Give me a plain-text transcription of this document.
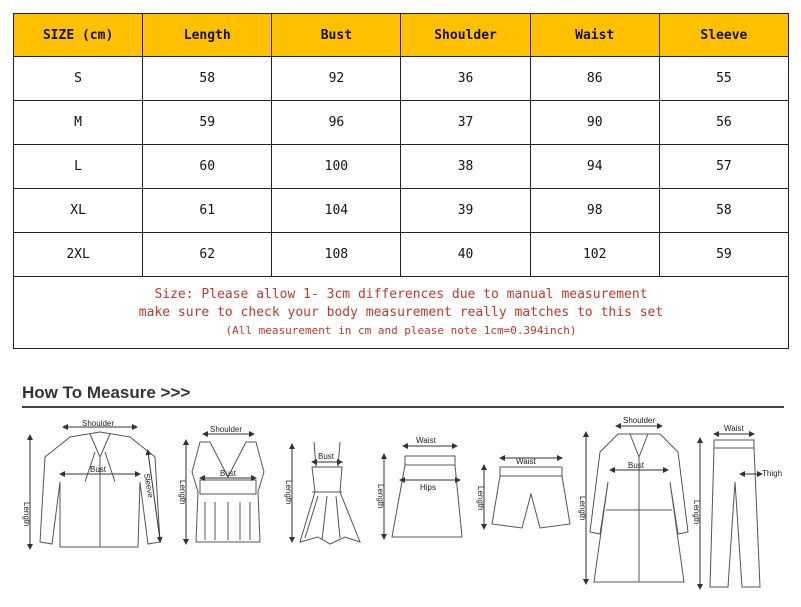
SIZE (cm)	Length	Bust	Shoulder	Waist	Sleeve
S	58	92	36	86	55
M	59	96	37	90	56
L	60	100	38	94	57
XL	61	104	39	98	58
2XL	62	108	40	102	59

Size: Please allow 1- 3cm differences due to manual measurement
make sure to check your body measurement really matches to this set
(All measurement in cm and please note 1cm=0.394inch)					
How To Measure >>>
Shoulder
Bust
Length
Sleeve
Shoulder
Bust
Length
Bust
Length
Waist
Hips
Length
Waist
Length
Shoulder
Bust
Length
Waist
Thigh
Length
